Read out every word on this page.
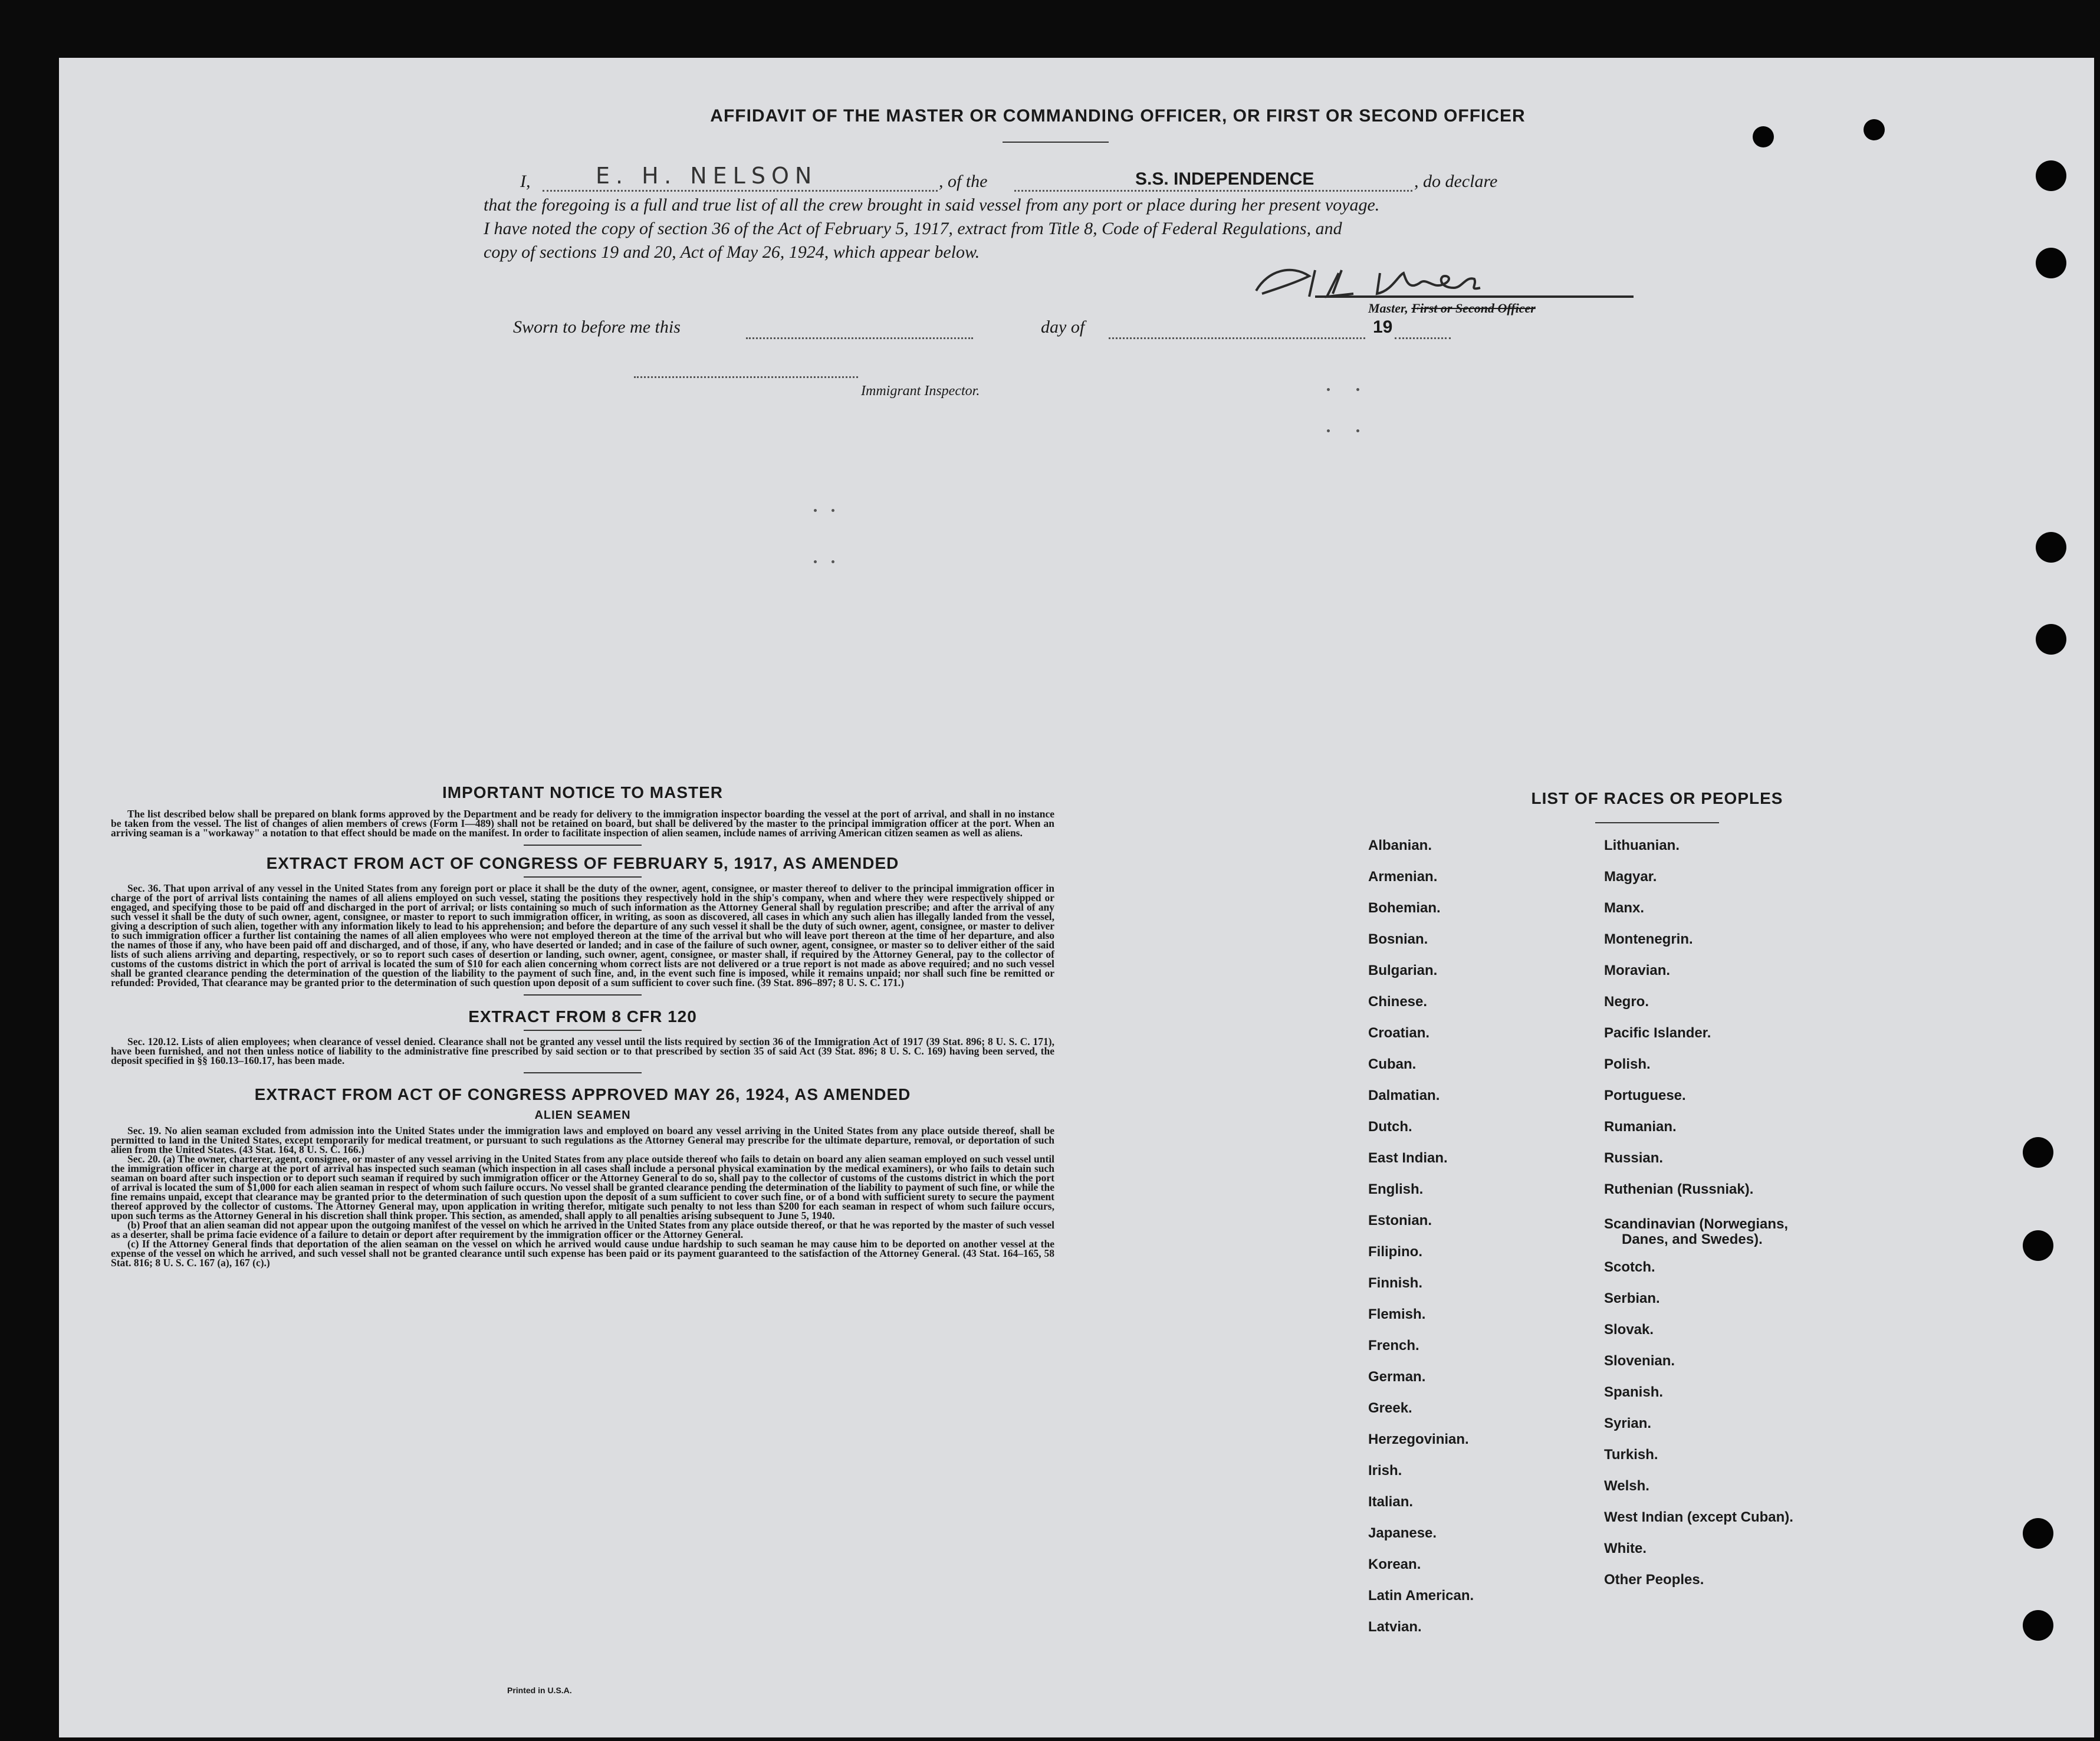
AFFIDAVIT OF THE MASTER OR COMMANDING OFFICER, OR FIRST OR SECOND OFFICER
I,	E. H. NELSON	, of the	S.S. INDEPENDENCE	, do declare
that the foregoing is a full and true list of all the crew brought in said vessel from any port or place during her present voyage.
I have noted the copy of section 36 of the Act of February 5, 1917, extract from Title 8, Code of Federal Regulations, and
copy of sections 19 and 20, Act of May 26, 1924, which appear below.
Master, First or Second Officer
Sworn to before me this	day of	19
Immigrant Inspector.
IMPORTANT NOTICE TO MASTER

The list described below shall be prepared on blank forms approved by the Department and be ready for delivery to the immigration inspector boarding the vessel at the port of arrival, and shall in no instance be taken from the vessel. The list of changes of alien members of crews (Form I—489) shall not be retained on board, but shall be delivered by the master to the principal immigration officer at the port. When an arriving seaman is a "workaway" a notation to that effect should be made on the manifest. In order to facilitate inspection of alien seamen, include names of arriving American citizen seamen as well as aliens.

EXTRACT FROM ACT OF CONGRESS OF FEBRUARY 5, 1917, AS AMENDED

Sec. 36. That upon arrival of any vessel in the United States from any foreign port or place it shall be the duty of the owner, agent, consignee, or master thereof to deliver to the principal immigration officer in charge of the port of arrival lists containing the names of all aliens employed on such vessel, stating the positions they respectively hold in the ship's company, when and where they were respectively shipped or engaged, and specifying those to be paid off and discharged in the port of arrival; or lists containing so much of such information as the Attorney General shall by regulation prescribe; and after the arrival of any such vessel it shall be the duty of such owner, agent, consignee, or master to report to such immigration officer, in writing, as soon as discovered, all cases in which any such alien has illegally landed from the vessel, giving a description of such alien, together with any information likely to lead to his apprehension; and before the departure of any such vessel it shall be the duty of such owner, agent, consignee, or master to deliver to such immigration officer a further list containing the names of all alien employees who were not employed thereon at the time of the arrival but who will leave port thereon at the time of her departure, and also the names of those if any, who have been paid off and discharged, and of those, if any, who have deserted or landed; and in case of the failure of such owner, agent, consignee, or master so to deliver either of the said lists of such aliens arriving and departing, respectively, or so to report such cases of desertion or landing, such owner, agent, consignee, or master shall, if required by the Attorney General, pay to the collector of customs of the customs district in which the port of arrival is located the sum of $10 for each alien concerning whom correct lists are not delivered or a true report is not made as above required; and no such vessel shall be granted clearance pending the determination of the question of the liability to the payment of such fine, and, in the event such fine is imposed, while it remains unpaid; nor shall such fine be remitted or refunded: Provided, That clearance may be granted prior to the determination of such question upon deposit of a sum sufficient to cover such fine. (39 Stat. 896–897; 8 U. S. C. 171.)

EXTRACT FROM 8 CFR 120

Sec. 120.12. Lists of alien employees; when clearance of vessel denied. Clearance shall not be granted any vessel until the lists required by section 36 of the Immigration Act of 1917 (39 Stat. 896; 8 U. S. C. 171), have been furnished, and not then unless notice of liability to the administrative fine prescribed by said section or to that prescribed by section 35 of said Act (39 Stat. 896; 8 U. S. C. 169) having been served, the deposit specified in §§ 160.13–160.17, has been made.

EXTRACT FROM ACT OF CONGRESS APPROVED MAY 26, 1924, AS AMENDED
ALIEN SEAMEN

Sec. 19. No alien seaman excluded from admission into the United States under the immigration laws and employed on board any vessel arriving in the United States from any place outside thereof, shall be permitted to land in the United States, except temporarily for medical treatment, or pursuant to such regulations as the Attorney General may prescribe for the ultimate departure, removal, or deportation of such alien from the United States. (43 Stat. 164, 8 U. S. C. 166.)

Sec. 20. (a) The owner, charterer, agent, consignee, or master of any vessel arriving in the United States from any place outside thereof who fails to detain on board any alien seaman employed on such vessel until the immigration officer in charge at the port of arrival has inspected such seaman (which inspection in all cases shall include a personal physical examination by the medical examiners), or who fails to detain such seaman on board after such inspection or to deport such seaman if required by such immigration officer or the Attorney General to do so, shall pay to the collector of customs of the customs district in which the port of arrival is located the sum of $1,000 for each alien seaman in respect of whom such failure occurs. No vessel shall be granted clearance pending the determination of the liability to payment of such fine, or while the fine remains unpaid, except that clearance may be granted prior to the determination of such question upon the deposit of a sum sufficient to cover such fine, or of a bond with sufficient surety to secure the payment thereof approved by the collector of customs. The Attorney General may, upon application in writing therefor, mitigate such penalty to not less than $200 for each seaman in respect of whom such failure occurs, upon such terms as the Attorney General in his discretion shall think proper. This section, as amended, shall apply to all penalties arising subsequent to June 5, 1940.

(b) Proof that an alien seaman did not appear upon the outgoing manifest of the vessel on which he arrived in the United States from any place outside thereof, or that he was reported by the master of such vessel as a deserter, shall be prima facie evidence of a failure to detain or deport after requirement by the immigration officer or the Attorney General.

(c) If the Attorney General finds that deportation of the alien seaman on the vessel on which he arrived would cause undue hardship to such seaman he may cause him to be deported on another vessel at the expense of the vessel on which he arrived, and such vessel shall not be granted clearance until such expense has been paid or its payment guaranteed to the satisfaction of the Attorney General. (43 Stat. 164–165, 58 Stat. 816; 8 U. S. C. 167 (a), 167 (c).)

Printed in U.S.A.
LIST OF RACES OR PEOPLES
Albanian.
Armenian.
Bohemian.
Bosnian.
Bulgarian.
Chinese.
Croatian.
Cuban.
Dalmatian.
Dutch.
East Indian.
English.
Estonian.
Filipino.
Finnish.
Flemish.
French.
German.
Greek.
Herzegovinian.
Irish.
Italian.
Japanese.
Korean.
Latin American.
Latvian.
Lithuanian.
Magyar.
Manx.
Montenegrin.
Moravian.
Negro.
Pacific Islander.
Polish.
Portuguese.
Rumanian.
Russian.
Ruthenian (Russniak).
Scandinavian (Norwegians,
Danes, and Swedes).
Scotch.
Serbian.
Slovak.
Slovenian.
Spanish.
Syrian.
Turkish.
Welsh.
West Indian (except Cuban).
White.
Other Peoples.
